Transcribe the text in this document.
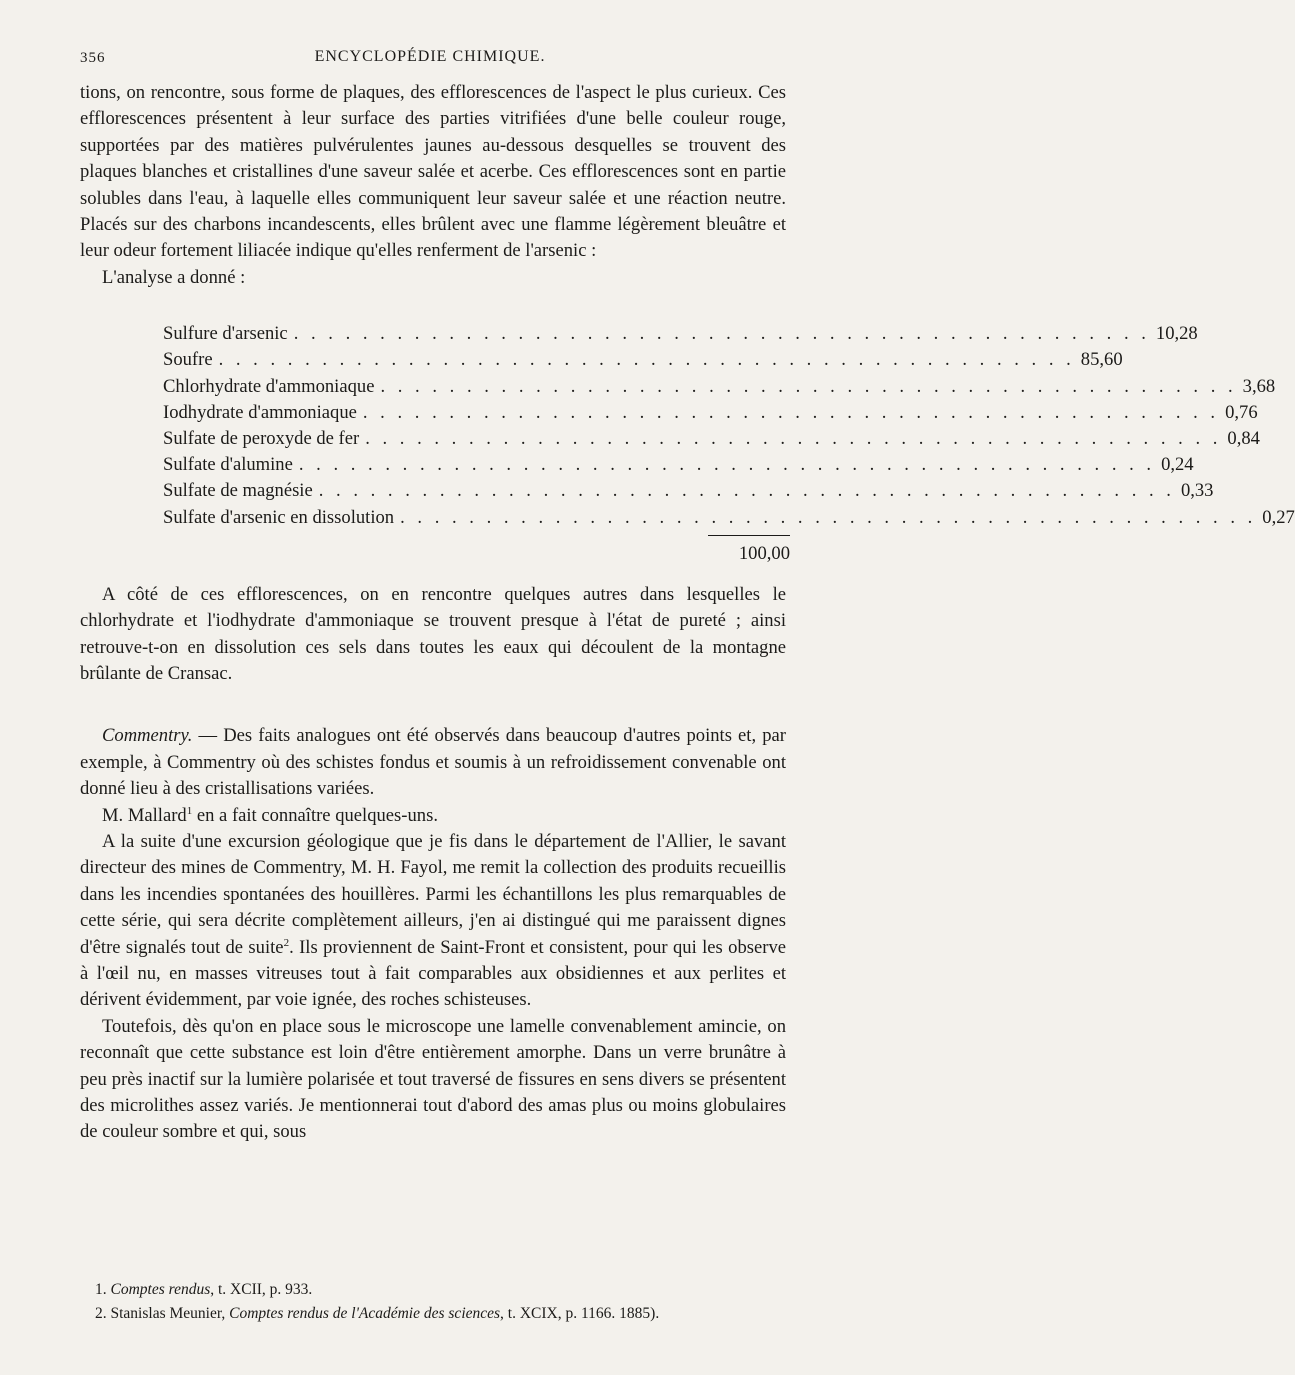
356	ENCYCLOPÉDIE CHIMIQUE.

tions, on rencontre, sous forme de plaques, des efflorescences de l'aspect le plus curieux. Ces efflorescences présentent à leur surface des parties vitrifiées d'une belle couleur rouge, supportées par des matières pulvérulentes jaunes au-dessous desquelles se trouvent des plaques blanches et cristallines d'une saveur salée et acerbe. Ces efflorescences sont en partie solubles dans l'eau, à laquelle elles communiquent leur saveur salée et une réaction neutre. Placés sur des charbons incandescents, elles brûlent avec une flamme légèrement bleuâtre et leur odeur fortement liliacée indique qu'elles renferment de l'arsenic :

L'analyse a donné :

Sulfure d'arsenic . . . . . . . . . . . . . . . . . . . . . . . . . . . . . . . . . . . . . . . . . . . . . . . . . . 10,28
Soufre . . . . . . . . . . . . . . . . . . . . . . . . . . . . . . . . . . . . . . . . . . . . . . . . . . 85,60
Chlorhydrate d'ammoniaque . . . . . . . . . . . . . . . . . . . . . . . . . . . . . . . . . . . . . . . . . . . . . . . . . . 3,68
Iodhydrate d'ammoniaque . . . . . . . . . . . . . . . . . . . . . . . . . . . . . . . . . . . . . . . . . . . . . . . . . . 0,76
Sulfate de peroxyde de fer . . . . . . . . . . . . . . . . . . . . . . . . . . . . . . . . . . . . . . . . . . . . . . . . . . 0,84
Sulfate d'alumine . . . . . . . . . . . . . . . . . . . . . . . . . . . . . . . . . . . . . . . . . . . . . . . . . . 0,24
Sulfate de magnésie . . . . . . . . . . . . . . . . . . . . . . . . . . . . . . . . . . . . . . . . . . . . . . . . . . 0,33
Sulfate d'arsenic en dissolution . . . . . . . . . . . . . . . . . . . . . . . . . . . . . . . . . . . . . . . . . . . . . . . . . . 0,27
100,00

A côté de ces efflorescences, on en rencontre quelques autres dans lesquelles le chlorhydrate et l'iodhydrate d'ammoniaque se trouvent presque à l'état de pureté ; ainsi retrouve-t-on en dissolution ces sels dans toutes les eaux qui découlent de la montagne brûlante de Cransac.

Commentry. — Des faits analogues ont été observés dans beaucoup d'autres points et, par exemple, à Commentry où des schistes fondus et soumis à un refroidissement convenable ont donné lieu à des cristallisations variées.

M. Mallard$^1$ en a fait connaître quelques-uns.

A la suite d'une excursion géologique que je fis dans le département de l'Allier, le savant directeur des mines de Commentry, M. H. Fayol, me remit la collection des produits recueillis dans les incendies spontanées des houillères. Parmi les échantillons les plus remarquables de cette série, qui sera décrite complètement ailleurs, j'en ai distingué qui me paraissent dignes d'être signalés tout de suite$^2$. Ils proviennent de Saint-Front et consistent, pour qui les observe à l'œil nu, en masses vitreuses tout à fait comparables aux obsidiennes et aux perlites et dérivent évidemment, par voie ignée, des roches schisteuses.

Toutefois, dès qu'on en place sous le microscope une lamelle convenablement amincie, on reconnaît que cette substance est loin d'être entièrement amorphe. Dans un verre brunâtre à peu près inactif sur la lumière polarisée et tout traversé de fissures en sens divers se présentent des microlithes assez variés. Je mentionnerai tout d'abord des amas plus ou moins globulaires de couleur sombre et qui, sous

1. Comptes rendus, t. XCII, p. 933.

2. Stanislas Meunier, Comptes rendus de l'Académie des sciences, t. XCIX, p. 1166. 1885).
